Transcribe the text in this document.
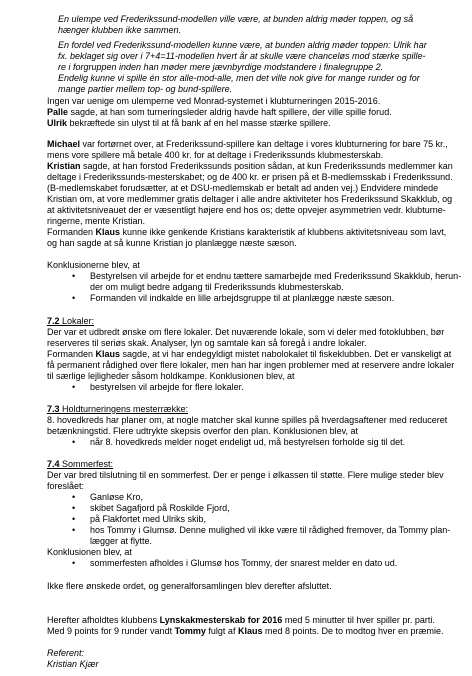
En ulempe ved Frederikssund-modellen ville være, at bunden aldrig møder toppen, og så
hænger klubben ikke sammen.
En fordel ved Frederikssund-modellen kunne være, at bunden aldrig møder toppen: Ulrik har
fx. beklaget sig over i 7+4=11-modellen hvert år at skulle være chanceløs mod stærke spille-
re i forgruppen inden han møder mere jævnbyrdige modstandere i finalegruppe 2.
Endelig kunne vi spille én stor alle-mod-alle, men det ville nok give for mange runder og for
mange partier mellem top- og bund-spillere.
Ingen var uenige om ulemperne ved Monrad-systemet i klubturneringen 2015-2016.
Palle sagde, at han som turneringsleder aldrig havde haft spillere, der ville spille forud.
Ulrik bekræftede sin ulyst til at få bank af en hel masse stærke spillere.
Michael var fortørnet over, at Frederikssund-spillere kan deltage i vores klubturnering for bare 75 kr.,
mens vore spillere må betale 400 kr. for at deltage i Frederikssunds klubmesterskab.
Kristian sagde, at han forstod Frederikssunds position sådan, at kun Frederikssunds medlemmer kan
deltage i Frederikssunds-mesterskabet; og de 400 kr. er prisen på et B-medlemsskab i Frederikssund.
(B-medlemskabet forudsætter, at et DSU-medlemskab er betalt ad anden vej.) Endvidere mindede
Kristian om, at vore medlemmer gratis deltager i alle andre aktiviteter hos Frederikssund Skakklub, og
at aktivitetsniveauet der er væsentligt højere end hos os; dette opvejer asymmetrien vedr. klubturne-
ringerne, mente Kristian.
Formanden Klaus kunne ikke genkende Kristians karakteristik af klubbens aktivitetsniveau som lavt,
og han sagde at så kunne Kristian jo planlægge næste sæson.
Konklusionerne blev, at
• Bestyrelsen vil arbejde for et endnu tættere samarbejde med Frederikssund Skakklub, herun-
der om muligt bedre adgang til Frederikssunds klubmesterskab.
• Formanden vil indkalde en lille arbejdsgruppe til at planlægge næste sæson.
7.2 Lokaler:
Der var et udbredt ønske om flere lokaler. Det nuværende lokale, som vi deler med fotoklubben, bør
reserveres til seriøs skak. Analyser, lyn og samtale kan så foregå i andre lokaler.
Formanden Klaus sagde, at vi har endegyldigt mistet nabolokalet til fiskeklubben. Det er vanskeligt at
få permanent rådighed over flere lokaler, men han har ingen problemer med at reservere andre lokaler
til særlige lejligheder såsom holdkampe. Konklusionen blev, at
• bestyrelsen vil arbejde for flere lokaler.
7.3 Holdturneringens mesterrække:
8. hovedkreds har planer om, at nogle matcher skal kunne spilles på hverdagsaftener med reduceret
betænkningstid. Flere udtrykte skepsis overfor den plan. Konklusionen blev, at
• når 8. hovedkreds melder noget endeligt ud, må bestyrelsen forholde sig til det.
7.4 Sommerfest:
Der var bred tilslutning til en sommerfest. Der er penge i ølkassen til støtte. Flere mulige steder blev
foreslået:
• Ganløse Kro,
• skibet Sagafjord på Roskilde Fjord,
• på Flakfortet med Ulriks skib,
• hos Tommy i Glumsø. Denne mulighed vil ikke være til rådighed fremover, da Tommy plan-
lægger at flytte.
Konklusionen blev, at
• sommerfesten afholdes i Glumsø hos Tommy, der snarest melder en dato ud.
Ikke flere ønskede ordet, og generalforsamlingen blev derefter afsluttet.
Herefter afholdtes klubbens Lynskakmesterskab for 2016 med 5 minutter til hver spiller pr. parti.
Med 9 points for 9 runder vandt Tommy fulgt af Klaus med 8 points. De to modtog hver en præmie.
Referent:
Kristian Kjær
